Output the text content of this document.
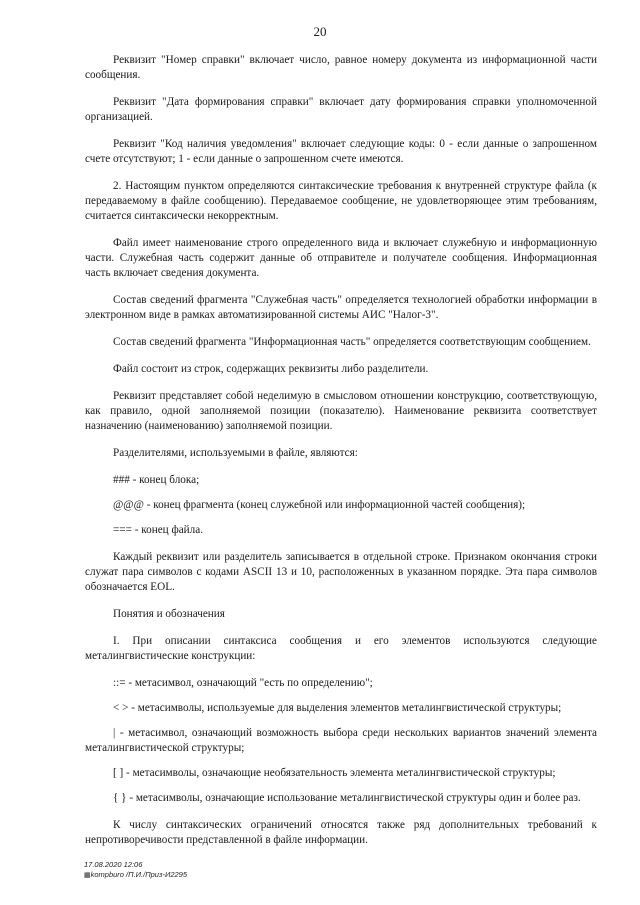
20

Реквизит "Номер справки" включает число, равное номеру документа из информационной части сообщения.

Реквизит "Дата формирования справки" включает дату формирования справки уполномоченной организацией.

Реквизит "Код наличия уведомления" включает следующие коды: 0 - если данные о запрошенном счете отсутствуют; 1 - если данные о запрошенном счете имеются.

2. Настоящим пунктом определяются синтаксические требования к внутренней структуре файла (к передаваемому в файле сообщению). Передаваемое сообщение, не удовлетворяющее этим требованиям, считается синтаксически некорректным.

Файл имеет наименование строго определенного вида и включает служебную и информационную части. Служебная часть содержит данные об отправителе и получателе сообщения. Информационная часть включает сведения документа.

Состав сведений фрагмента "Служебная часть" определяется технологией обработки информации в электронном виде в рамках автоматизированной системы АИС "Налог-3".

Состав сведений фрагмента "Информационная часть" определяется соответствующим сообщением.

Файл состоит из строк, содержащих реквизиты либо разделители.

Реквизит представляет собой неделимую в смысловом отношении конструкцию, соответствующую, как правило, одной заполняемой позиции (показателю). Наименование реквизита соответствует назначению (наименованию) заполняемой позиции.

Разделителями, используемыми в файле, являются:

### - конец блока;

@@@ - конец фрагмента (конец служебной или информационной частей сообщения);

=== - конец файла.

Каждый реквизит или разделитель записывается в отдельной строке. Признаком окончания строки служат пара символов с кодами ASCII 13 и 10, расположенных в указанном порядке. Эта пара символов обозначается EOL.

Понятия и обозначения

I. При описании синтаксиса сообщения и его элементов используются следующие металингвистические конструкции:

::= - метасимвол, означающий "есть по определению";

< > - метасимволы, используемые для выделения элементов металингвистической структуры;

| - метасимвол, означающий возможность выбора среди нескольких вариантов значений элемента металингвистической структуры;

[ ] - метасимволы, означающие необязательность элемента металингвистической структуры;

{ } - метасимволы, означающие использование металингвистической структуры один и более раз.

К числу синтаксических ограничений относятся также ряд дополнительных требований к непротиворечивости представленной в файле информации.

17.08.2020 12:06
▦kompburo /П.И./Приз-И2295
